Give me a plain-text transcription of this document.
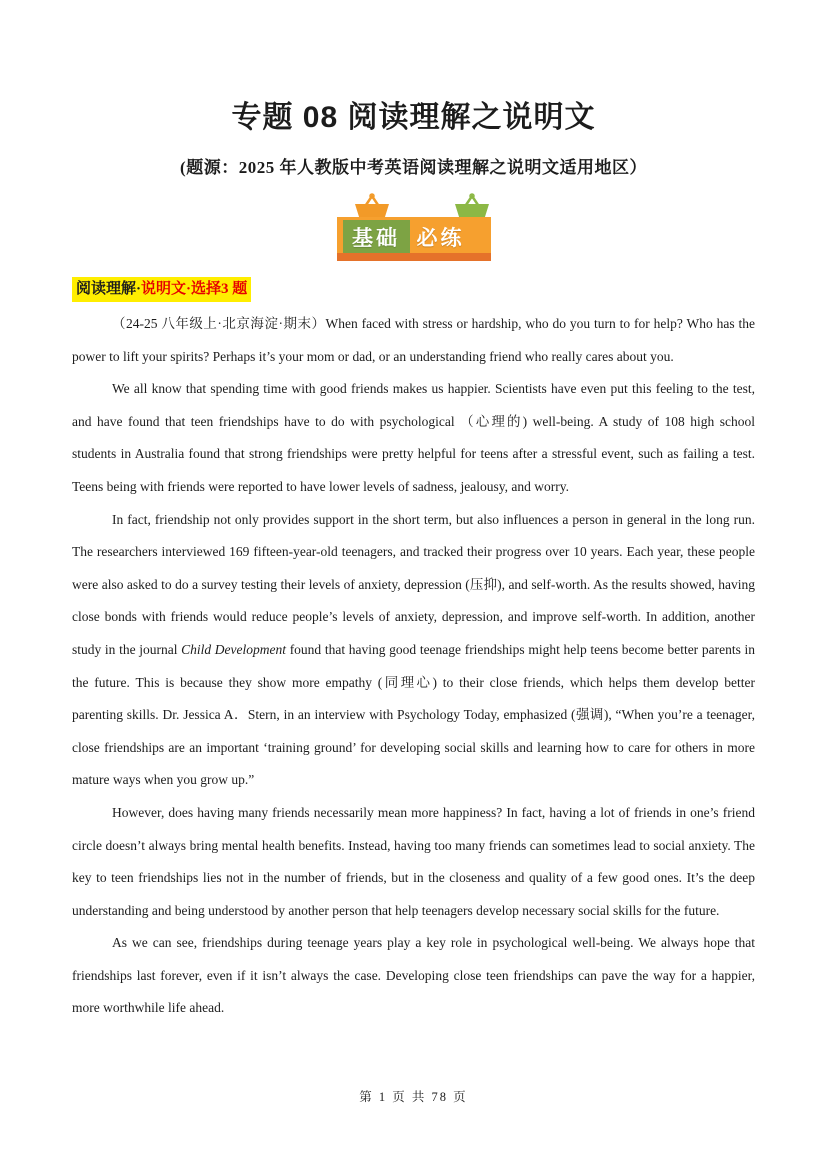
专题 08 阅读理解之说明文
(题源：2025 年人教版中考英语阅读理解之说明文适用地区）
基础 必练
阅读理解·说明文·选择3 题

（24-25 八年级上·北京海淀·期末）When faced with stress or hardship, who do you turn to for help? Who has the power to lift your spirits? Perhaps it’s your mom or dad, or an understanding friend who really cares about you.

We all know that spending time with good friends makes us happier. Scientists have even put this feeling to the test, and have found that teen friendships have to do with psychological （心理的) well-being. A study of 108 high school students in Australia found that strong friendships were pretty helpful for teens after a stressful event, such as failing a test. Teens being with friends were reported to have lower levels of sadness, jealousy, and worry.

In fact, friendship not only provides support in the short term, but also influences a person in general in the long run. The researchers interviewed 169 fifteen-year-old teenagers, and tracked their progress over 10 years. Each year, these people were also asked to do a survey testing their levels of anxiety, depression (压抑), and self-worth. As the results showed, having close bonds with friends would reduce people’s levels of anxiety, depression, and improve self-worth. In addition, another study in the journal Child Development found that having good teenage friendships might help teens become better parents in the future. This is because they show more empathy (同理心) to their close friends, which helps them develop better parenting skills. Dr. Jessica A．Stern, in an interview with Psychology Today, emphasized (强调), “When you’re a teenager, close friendships are an important ‘training ground’ for developing social skills and learning how to care for others in more mature ways when you grow up.”

However, does having many friends necessarily mean more happiness? In fact, having a lot of friends in one’s friend circle doesn’t always bring mental health benefits. Instead, having too many friends can sometimes lead to social anxiety. The key to teen friendships lies not in the number of friends, but in the closeness and quality of a few good ones. It’s the deep understanding and being understood by another person that help teenagers develop necessary social skills for the future.

As we can see, friendships during teenage years play a key role in psychological well-being. We always hope that friendships last forever, even if it isn’t always the case. Developing close teen friendships can pave the way for a happier, more worthwhile life ahead.

第 1 页 共 78 页
